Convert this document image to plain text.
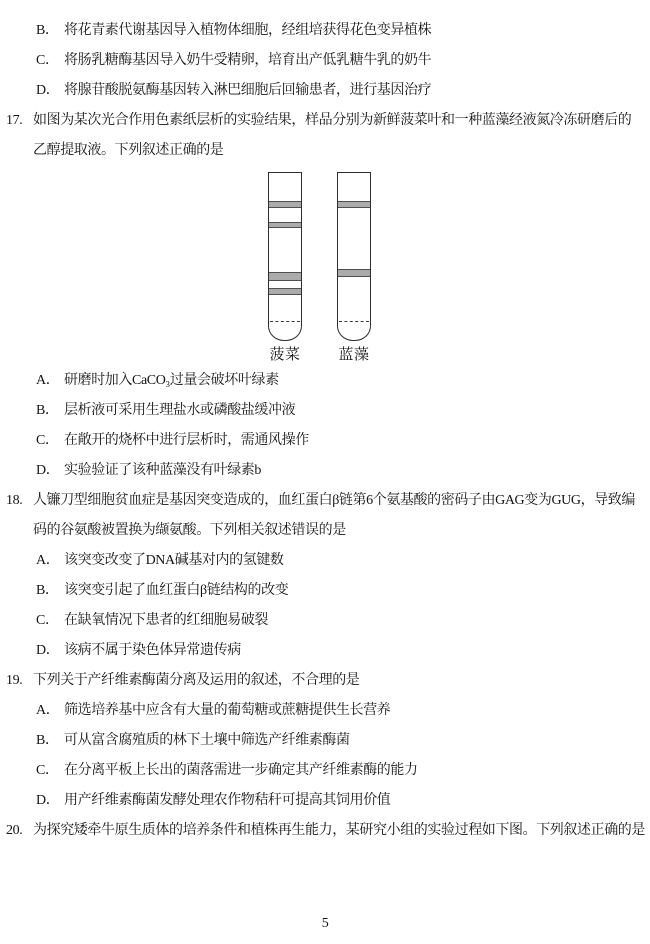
B． 将花青素代谢基因导入植物体细胞，经组培获得花色变异植株
C． 将肠乳糖酶基因导入奶牛受精卵，培育出产低乳糖牛乳的奶牛
D． 将腺苷酸脱氨酶基因转入淋巴细胞后回输患者，进行基因治疗
17. 如图为某次光合作用色素纸层析的实验结果，样品分别为新鲜菠菜叶和一种蓝藻经液氮冷冻研磨后的
乙醇提取液。下列叙述正确的是
菠菜	蓝藻
A． 研磨时加入CaCO₃过量会破坏叶绿素
B． 层析液可采用生理盐水或磷酸盐缓冲液
C． 在敞开的烧杯中进行层析时，需通风操作
D． 实验验证了该种蓝藻没有叶绿素b
18. 人镰刀型细胞贫血症是基因突变造成的，血红蛋白β链第6个氨基酸的密码子由GAG变为GUG，导致编
码的谷氨酸被置换为缬氨酸。下列相关叙述错误的是
A． 该突变改变了DNA碱基对内的氢键数
B． 该突变引起了血红蛋白β链结构的改变
C． 在缺氧情况下患者的红细胞易破裂
D． 该病不属于染色体异常遗传病
19. 下列关于产纤维素酶菌分离及运用的叙述，不合理的是
A． 筛选培养基中应含有大量的葡萄糖或蔗糖提供生长营养
B． 可从富含腐殖质的林下土壤中筛选产纤维素酶菌
C． 在分离平板上长出的菌落需进一步确定其产纤维素酶的能力
D． 用产纤维素酶菌发酵处理农作物秸秆可提高其饲用价值
20. 为探究矮牵牛原生质体的培养条件和植株再生能力，某研究小组的实验过程如下图。下列叙述正确的是
5
